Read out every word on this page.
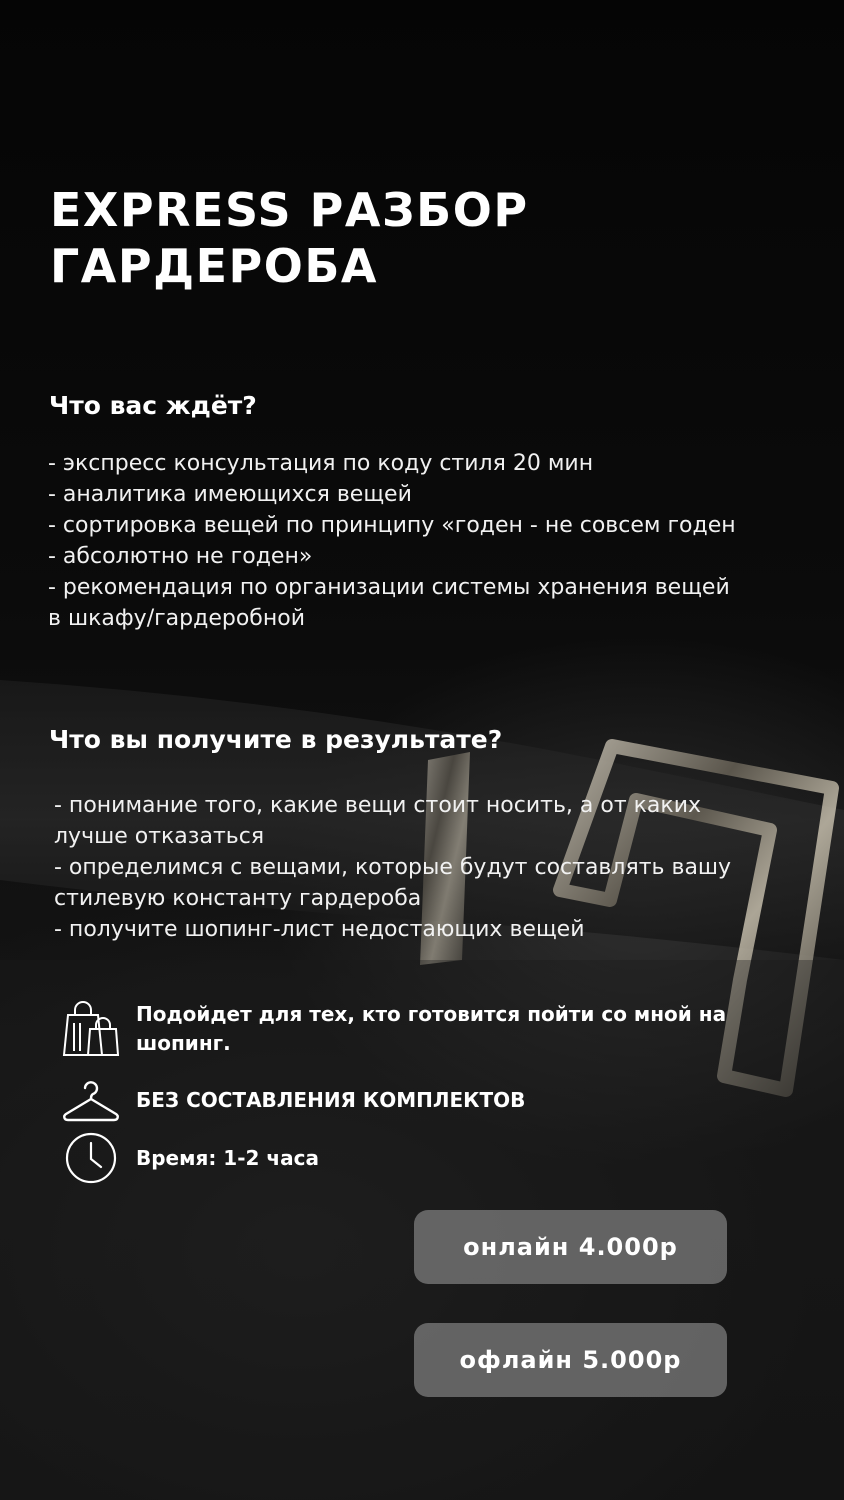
EXPRESS РАЗБОР
ГАРДЕРОБА
Что вас ждёт?
- экспресс консультация по коду стиля 20 мин
- аналитика имеющихся вещей
- сортировка вещей по принципу «годен - не совсем годен - абсолютно не годен»
- рекомендация по организации системы хранения вещей в шкафу/гардеробной
Что вы получите в результате?
- понимание того, какие вещи стоит носить, а от каких лучше отказаться
- определимся с вещами, которые будут составлять вашу стилевую константу гардероба
- получите шопинг-лист недостающих вещей
Подойдет для тех, кто готовится пойти со мной на шопинг.
БЕЗ СОСТАВЛЕНИЯ КОМПЛЕКТОВ
Время: 1-2 часа
онлайн 4.000р
офлайн 5.000р
